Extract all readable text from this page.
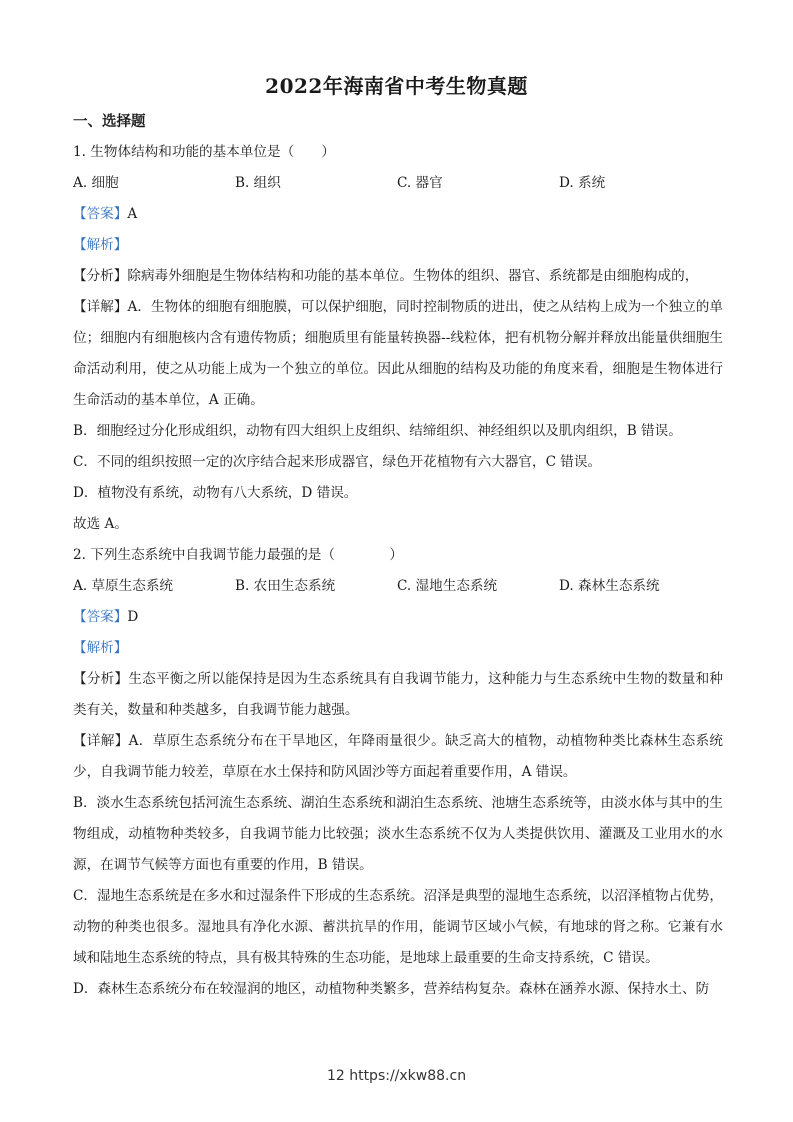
2022年海南省中考生物真题
一、选择题
1. 生物体结构和功能的基本单位是（　　）
A. 细胞	B. 组织	C. 器官	D. 系统
【答案】A
【解析】
【分析】除病毒外细胞是生物体结构和功能的基本单位。生物体的组织、器官、系统都是由细胞构成的，
【详解】A．生物体的细胞有细胞膜，可以保护细胞，同时控制物质的进出，使之从结构上成为一个独立的单位；细胞内有细胞核内含有遗传物质；细胞质里有能量转换器--线粒体，把有机物分解并释放出能量供细胞生命活动利用，使之从功能上成为一个独立的单位。因此从细胞的结构及功能的角度来看，细胞是生物体进行生命活动的基本单位，A 正确。
B．细胞经过分化形成组织，动物有四大组织上皮组织、结缔组织、神经组织以及肌肉组织，B 错误。
C．不同的组织按照一定的次序结合起来形成器官，绿色开花植物有六大器官，C 错误。
D．植物没有系统，动物有八大系统，D 错误。
故选 A。
2. 下列生态系统中自我调节能力最强的是（　　　　）
A. 草原生态系统	B. 农田生态系统	C. 湿地生态系统	D. 森林生态系统
【答案】D
【解析】
【分析】生态平衡之所以能保持是因为生态系统具有自我调节能力，这种能力与生态系统中生物的数量和种类有关，数量和种类越多，自我调节能力越强。
【详解】A．草原生态系统分布在干旱地区，年降雨量很少。缺乏高大的植物，动植物种类比森林生态系统少，自我调节能力较差，草原在水土保持和防风固沙等方面起着重要作用，A 错误。
B．淡水生态系统包括河流生态系统、湖泊生态系统和湖泊生态系统、池塘生态系统等，由淡水体与其中的生物组成，动植物种类较多，自我调节能力比较强；淡水生态系统不仅为人类提供饮用、灌溉及工业用水的水源，在调节气候等方面也有重要的作用，B 错误。
C．湿地生态系统是在多水和过湿条件下形成的生态系统。沼泽是典型的湿地生态系统，以沼泽植物占优势，动物的种类也很多。湿地具有净化水源、蓄洪抗旱的作用，能调节区域小气候，有地球的肾之称。它兼有水域和陆地生态系统的特点，具有极其特殊的生态功能，是地球上最重要的生命支持系统，C 错误。
D．森林生态系统分布在较湿润的地区，动植物种类繁多，营养结构复杂。森林在涵养水源、保持水土、防
12 https://xkw88.cn
